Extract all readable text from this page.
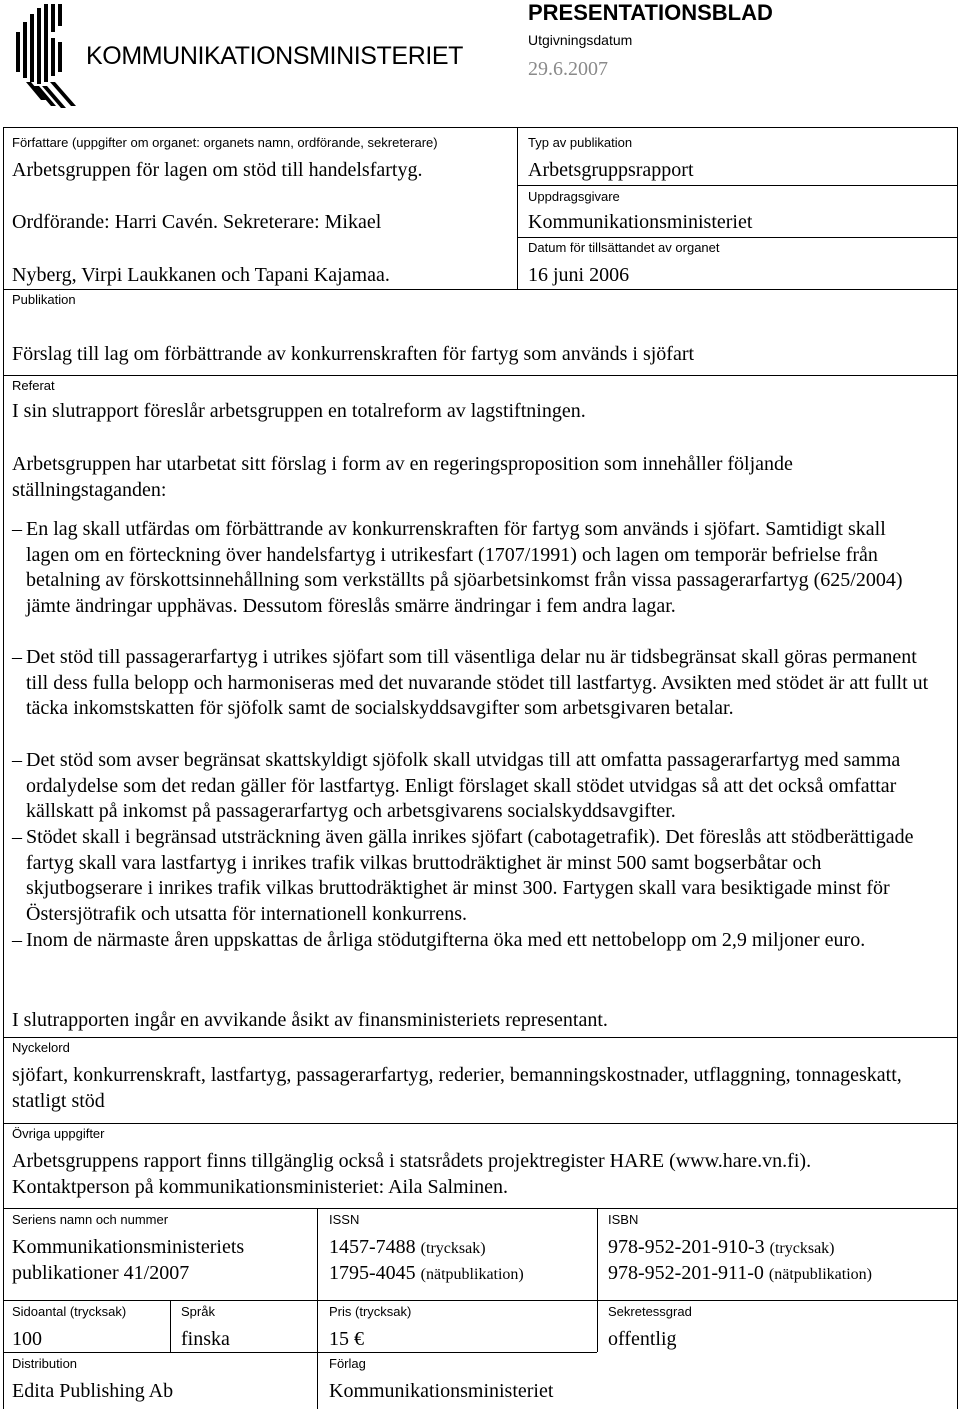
KOMMUNIKATIONSMINISTERIET
PRESENTATIONSBLAD
Utgivningsdatum
29.6.2007
Författare (uppgifter om organet: organets namn, ordförande, sekreterare)
Arbetsgruppen för lagen om stöd till handelsfartyg.
Ordförande: Harri Cavén. Sekreterare: Mikael
Nyberg, Virpi Laukkanen och Tapani Kajamaa.
Typ av publikation
Arbetsgruppsrapport
Uppdragsgivare
Kommunikationsministeriet
Datum för tillsättandet av organet
16 juni 2006
Publikation
Förslag till lag om förbättrande av konkurrenskraften för fartyg som används i sjöfart
Referat
I sin slutrapport föreslår arbetsgruppen en totalreform av lagstiftningen.
Arbetsgruppen har utarbetat sitt förslag i form av en regeringsproposition som innehåller följande ställningstaganden:
– En lag skall utfärdas om förbättrande av konkurrenskraften för fartyg som används i sjöfart. Samtidigt skall lagen om en förteckning över handelsfartyg i utrikesfart (1707/1991) och lagen om temporär befrielse från betalning av förskottsinnehållning som verkställts på sjöarbetsinkomst från vissa passagerarfartyg (625/2004) jämte ändringar upphävas. Dessutom föreslås smärre ändringar i fem andra lagar.
– Det stöd till passagerarfartyg i utrikes sjöfart som till väsentliga delar nu är tidsbegränsat skall göras permanent till dess fulla belopp och harmoniseras med det nuvarande stödet till lastfartyg. Avsikten med stödet är att fullt ut täcka inkomstskatten för sjöfolk samt de socialskyddsavgifter som arbetsgivaren betalar.
– Det stöd som avser begränsat skattskyldigt sjöfolk skall utvidgas till att omfatta passagerarfartyg med samma ordalydelse som det redan gäller för lastfartyg. Enligt förslaget skall stödet utvidgas så att det också omfattar källskatt på inkomst på passagerarfartyg och arbetsgivarens socialskyddsavgifter.
– Stödet skall i begränsad utsträckning även gälla inrikes sjöfart (cabotagetrafik). Det föreslås att stödberättigade fartyg skall vara lastfartyg i inrikes trafik vilkas bruttodräktighet är minst 500 samt bogserbåtar och skjutbogserare i inrikes trafik vilkas bruttodräktighet är minst 300. Fartygen skall vara besiktigade minst för Östersjötrafik och utsatta för internationell konkurrens.
– Inom de närmaste åren uppskattas de årliga stödutgifterna öka med ett nettobelopp om 2,9 miljoner euro.
I slutrapporten ingår en avvikande åsikt av finansministeriets representant.
Nyckelord
sjöfart, konkurrenskraft, lastfartyg, passagerarfartyg, rederier, bemanningskostnader, utflaggning, tonnageskatt, statligt stöd
Övriga uppgifter
Arbetsgruppens rapport finns tillgänglig också i statsrådets projektregister HARE (www.hare.vn.fi).
Kontaktperson på kommunikationsministeriet: Aila Salminen.
Seriens namn och nummer
Kommunikationsministeriets
publikationer 41/2007
ISSN
1457-7488 (trycksak)
1795-4045 (nätpublikation)
ISBN
978-952-201-910-3 (trycksak)
978-952-201-911-0 (nätpublikation)
Sidoantal (trycksak)
100
Språk
finska
Pris (trycksak)
15 €
Sekretessgrad
offentlig
Distribution
Edita Publishing Ab
Förlag
Kommunikationsministeriet
